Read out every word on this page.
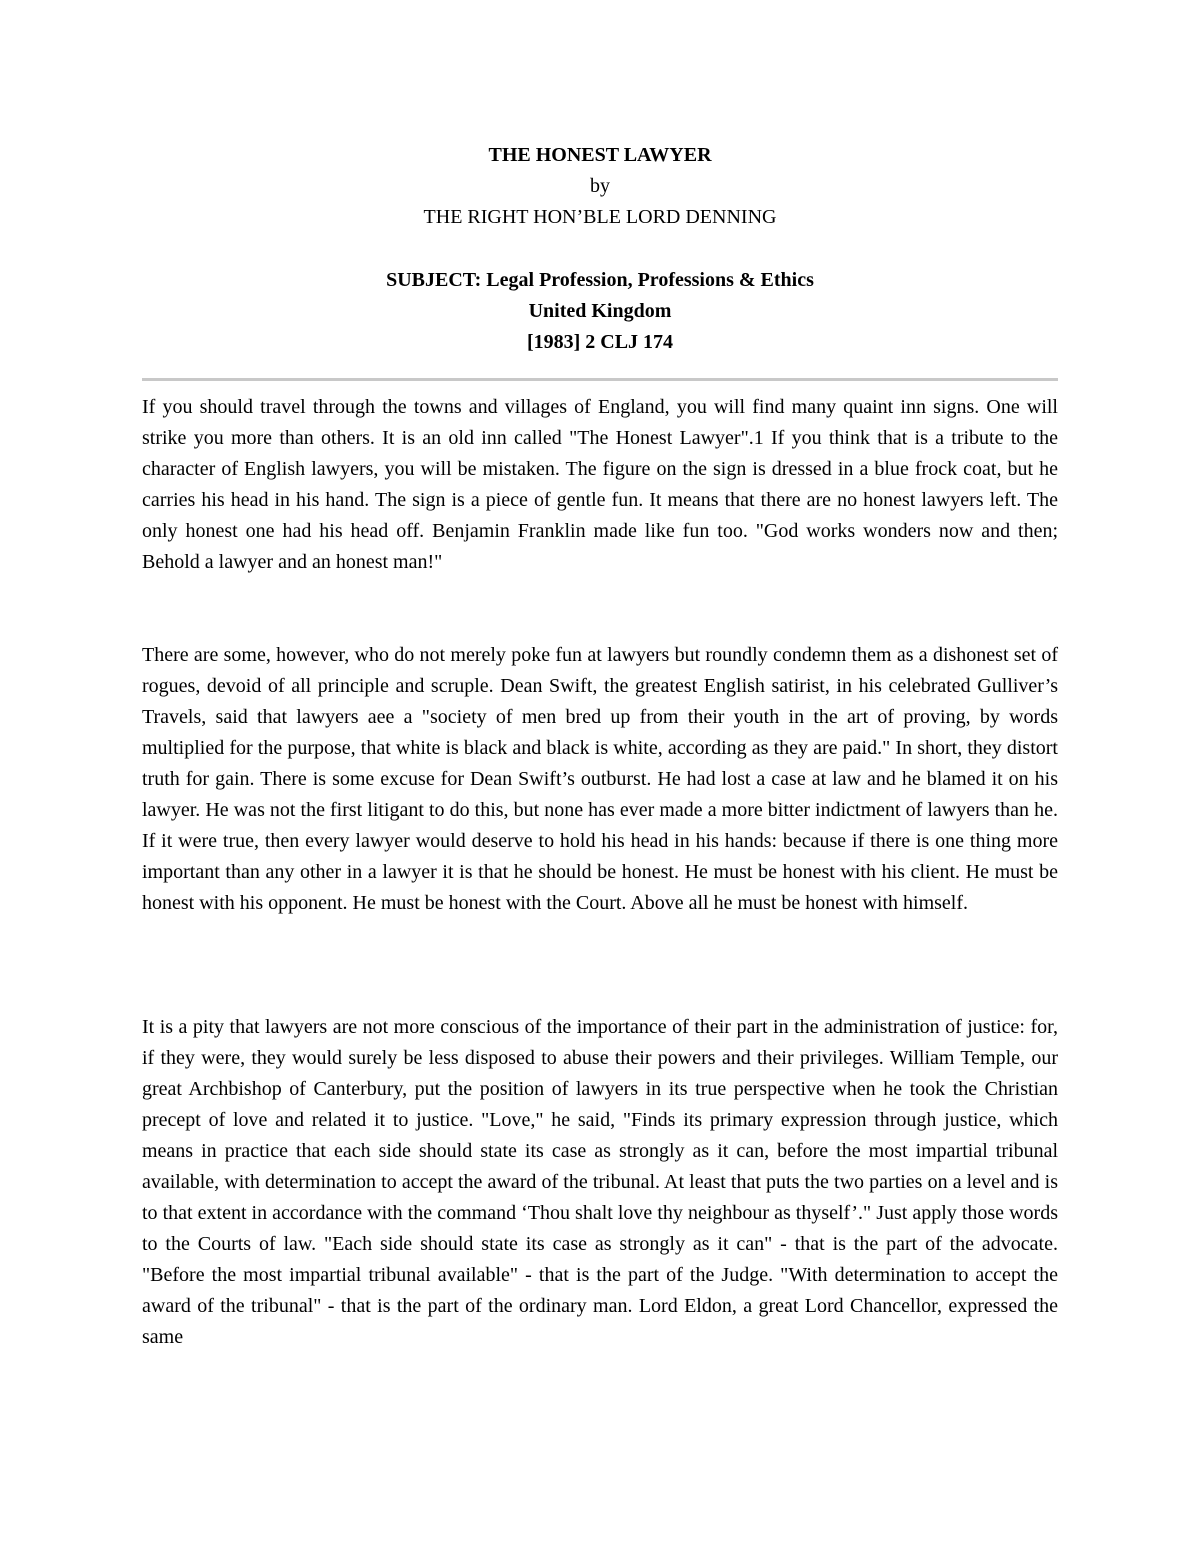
THE HONEST LAWYER
by
THE RIGHT HON’BLE LORD DENNING
SUBJECT: Legal Profession, Professions & Ethics
United Kingdom
[1983] 2 CLJ 174

If you should travel through the towns and villages of England, you will find many quaint inn signs. One will strike you more than others. It is an old inn called "The Honest Lawyer".1 If you think that is a tribute to the character of English lawyers, you will be mistaken. The figure on the sign is dressed in a blue frock coat, but he carries his head in his hand. The sign is a piece of gentle fun. It means that there are no honest lawyers left. The only honest one had his head off. Benjamin Franklin made like fun too. "God works wonders now and then; Behold a lawyer and an honest man!"

There are some, however, who do not merely poke fun at lawyers but roundly condemn them as a dishonest set of rogues, devoid of all principle and scruple. Dean Swift, the greatest English satirist, in his celebrated Gulliver’s Travels, said that lawyers aee a "society of men bred up from their youth in the art of proving, by words multiplied for the purpose, that white is black and black is white, according as they are paid." In short, they distort truth for gain. There is some excuse for Dean Swift’s outburst. He had lost a case at law and he blamed it on his lawyer. He was not the first litigant to do this, but none has ever made a more bitter indictment of lawyers than he. If it were true, then every lawyer would deserve to hold his head in his hands: because if there is one thing more important than any other in a lawyer it is that he should be honest. He must be honest with his client. He must be honest with his opponent. He must be honest with the Court. Above all he must be honest with himself.

It is a pity that lawyers are not more conscious of the importance of their part in the administration of justice: for, if they were, they would surely be less disposed to abuse their powers and their privileges. William Temple, our great Archbishop of Canterbury, put the position of lawyers in its true perspective when he took the Christian precept of love and related it to justice. "Love," he said, "Finds its primary expression through justice, which means in practice that each side should state its case as strongly as it can, before the most impartial tribunal available, with determination to accept the award of the tribunal. At least that puts the two parties on a level and is to that extent in accordance with the command ‘Thou shalt love thy neighbour as thyself’." Just apply those words to the Courts of law. "Each side should state its case as strongly as it can" - that is the part of the advocate. "Before the most impartial tribunal available" - that is the part of the Judge. "With determination to accept the award of the tribunal" - that is the part of the ordinary man. Lord Eldon, a great Lord Chancellor, expressed the same
